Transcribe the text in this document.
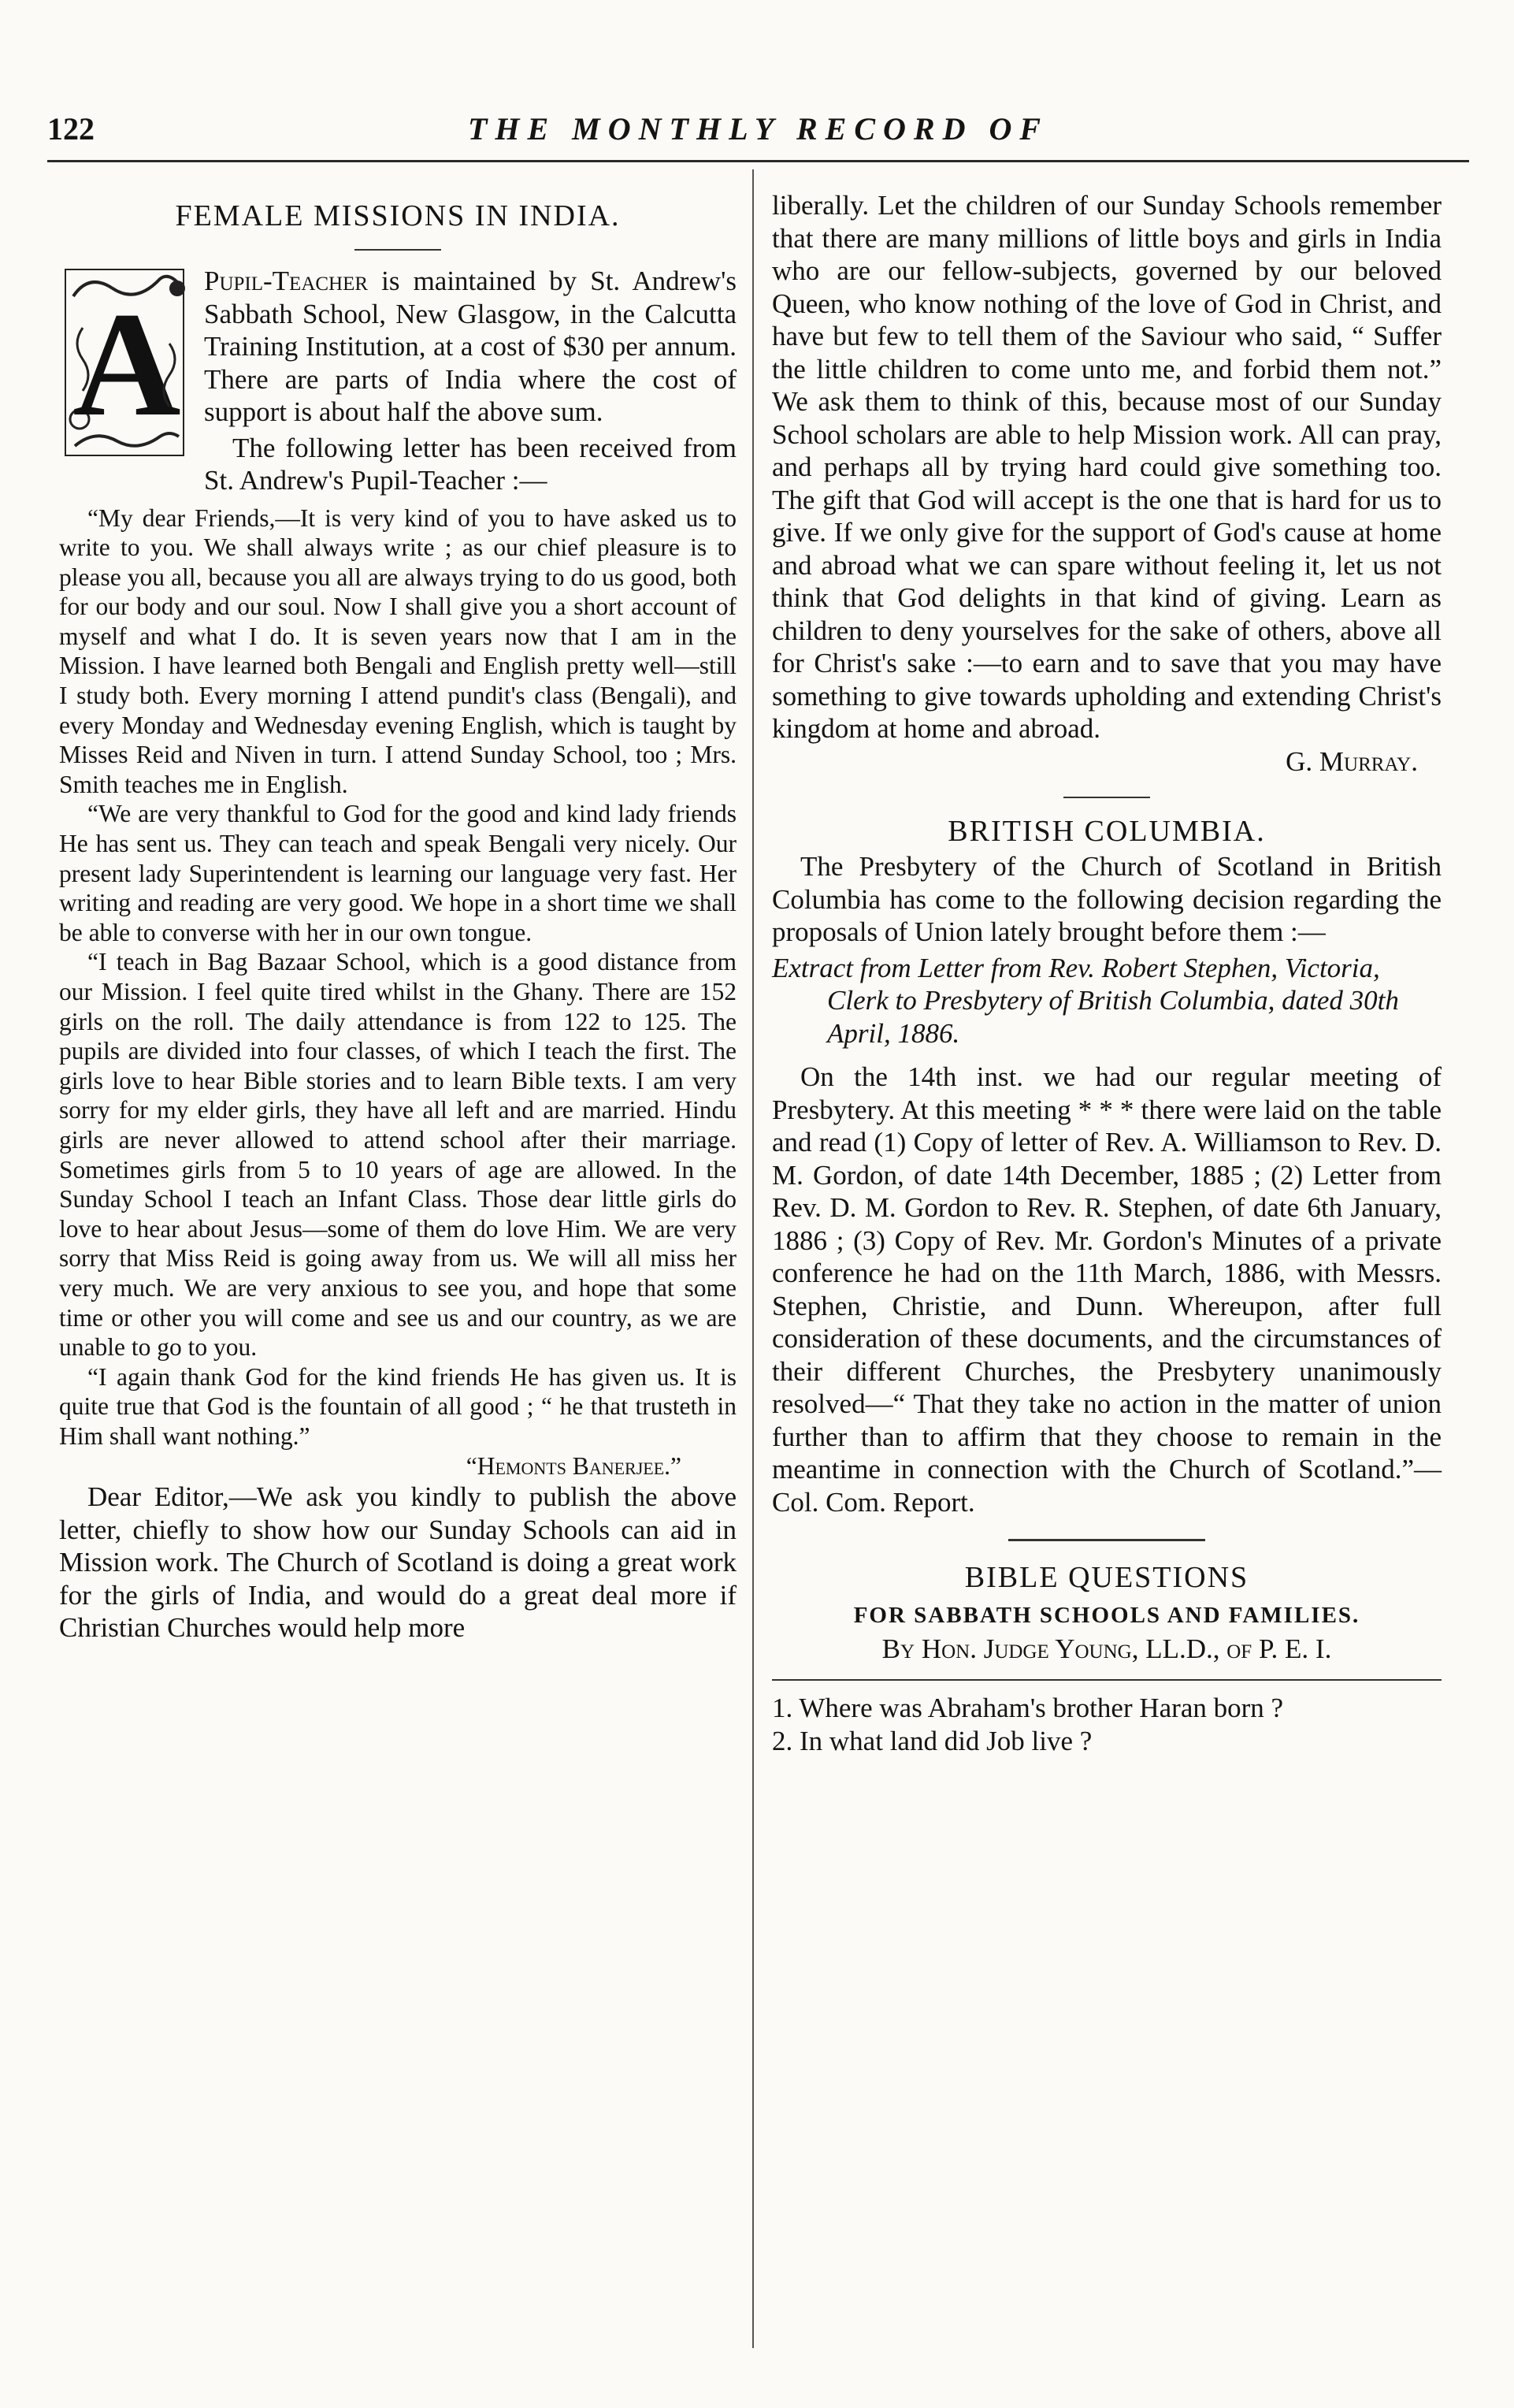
122	THE MONTHLY RECORD OF
FEMALE MISSIONS IN INDIA.
A

Pupil-Teacher is maintained by St. Andrew's Sabbath School, New Glasgow, in the Calcutta Training Institution, at a cost of $30 per annum. There are parts of India where the cost of support is about half the above sum.

The following letter has been received from St. Andrew's Pupil-Teacher :—

“My dear Friends,—It is very kind of you to have asked us to write to you. We shall always write ; as our chief pleasure is to please you all, because you all are always trying to do us good, both for our body and our soul. Now I shall give you a short account of myself and what I do. It is seven years now that I am in the Mission. I have learned both Bengali and English pretty well—still I study both. Every morning I attend pundit's class (Bengali), and every Monday and Wednesday evening English, which is taught by Misses Reid and Niven in turn. I attend Sunday School, too ; Mrs. Smith teaches me in English.

“We are very thankful to God for the good and kind lady friends He has sent us. They can teach and speak Bengali very nicely. Our present lady Superintendent is learning our language very fast. Her writing and reading are very good. We hope in a short time we shall be able to converse with her in our own tongue.

“I teach in Bag Bazaar School, which is a good distance from our Mission. I feel quite tired whilst in the Ghany. There are 152 girls on the roll. The daily attendance is from 122 to 125. The pupils are divided into four classes, of which I teach the first. The girls love to hear Bible stories and to learn Bible texts. I am very sorry for my elder girls, they have all left and are married. Hindu girls are never allowed to attend school after their marriage. Sometimes girls from 5 to 10 years of age are allowed. In the Sunday School I teach an Infant Class. Those dear little girls do love to hear about Jesus—some of them do love Him. We are very sorry that Miss Reid is going away from us. We will all miss her very much. We are very anxious to see you, and hope that some time or other you will come and see us and our country, as we are unable to go to you.

“I again thank God for the kind friends He has given us. It is quite true that God is the fountain of all good ; “ he that trusteth in Him shall want nothing.”

“Hemonts Banerjee.”

Dear Editor,—We ask you kindly to publish the above letter, chiefly to show how our Sunday Schools can aid in Mission work. The Church of Scotland is doing a great work for the girls of India, and would do a great deal more if Christian Churches would help more

liberally. Let the children of our Sunday Schools remember that there are many millions of little boys and girls in India who are our fellow-subjects, governed by our beloved Queen, who know nothing of the love of God in Christ, and have but few to tell them of the Saviour who said, “ Suffer the little children to come unto me, and forbid them not.” We ask them to think of this, because most of our Sunday School scholars are able to help Mission work. All can pray, and perhaps all by trying hard could give something too. The gift that God will accept is the one that is hard for us to give. If we only give for the support of God's cause at home and abroad what we can spare without feeling it, let us not think that God delights in that kind of giving. Learn as children to deny yourselves for the sake of others, above all for Christ's sake :—to earn and to save that you may have something to give towards upholding and extending Christ's kingdom at home and abroad.

G. Murray.

BRITISH COLUMBIA.

The Presbytery of the Church of Scotland in British Columbia has come to the following decision regarding the proposals of Union lately brought before them :—

Extract from Letter from Rev. Robert Stephen, Victoria, Clerk to Presbytery of British Columbia, dated 30th April, 1886.

On the 14th inst. we had our regular meeting of Presbytery. At this meeting * * * there were laid on the table and read (1) Copy of letter of Rev. A. Williamson to Rev. D. M. Gordon, of date 14th December, 1885 ; (2) Letter from Rev. D. M. Gordon to Rev. R. Stephen, of date 6th January, 1886 ; (3) Copy of Rev. Mr. Gordon's Minutes of a private conference he had on the 11th March, 1886, with Messrs. Stephen, Christie, and Dunn. Whereupon, after full consideration of these documents, and the circumstances of their different Churches, the Presbytery unanimously resolved—“ That they take no action in the matter of union further than to affirm that they choose to remain in the meantime in connection with the Church of Scotland.”—Col. Com. Report.

BIBLE QUESTIONS
FOR SABBATH SCHOOLS AND FAMILIES.
By Hon. Judge Young, LL.D., of P. E. I.
1. Where was Abraham's brother Haran born ?
2. In what land did Job live ?
